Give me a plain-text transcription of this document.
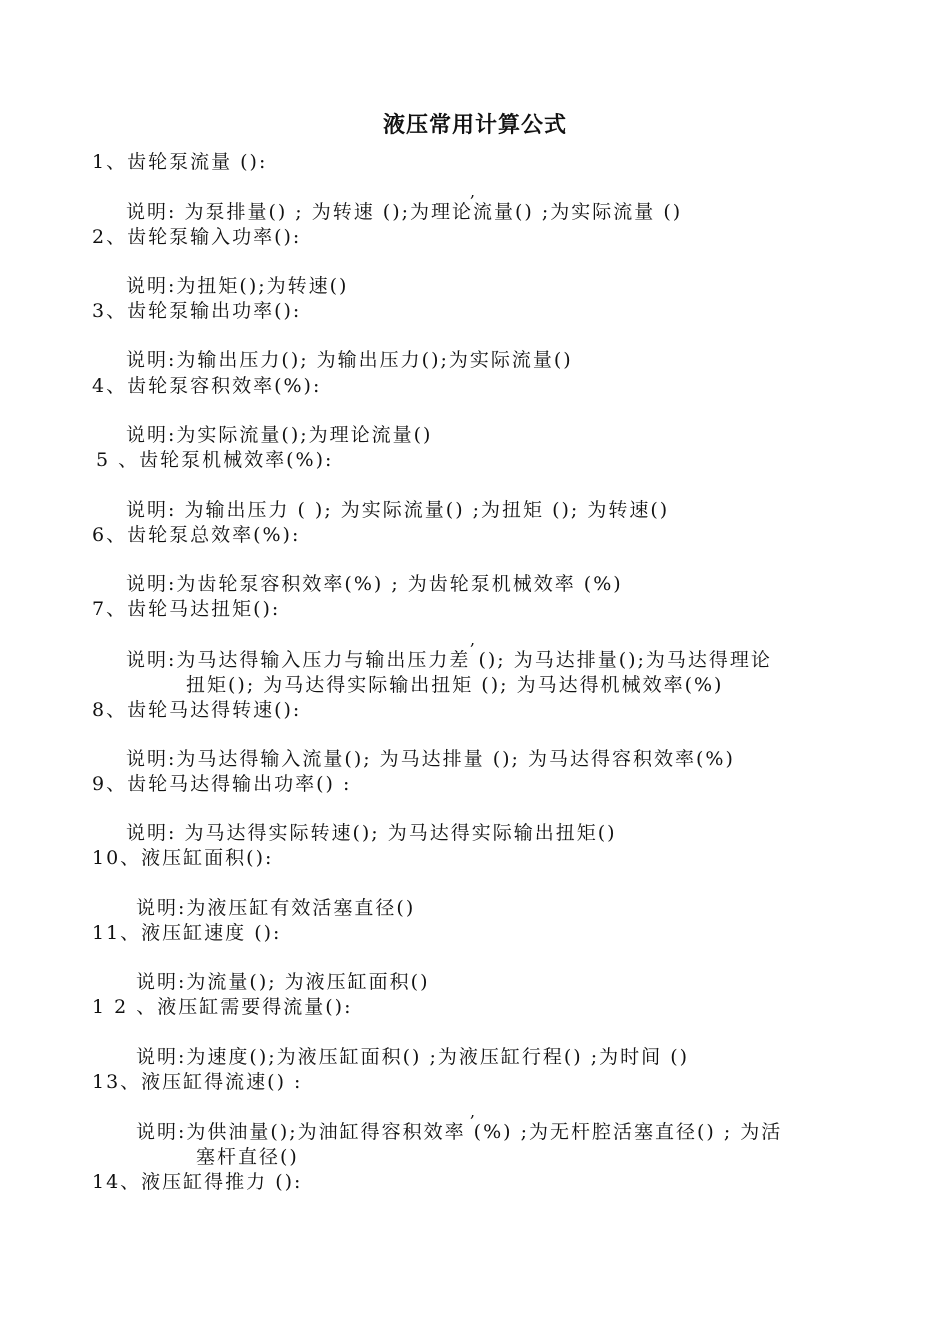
液压常用计算公式
1、齿轮泵流量 ():
,
说明: 为泵排量() ; 为转速 ();为理论流量() ;为实际流量 ()
2、齿轮泵输入功率():
说明:为扭矩();为转速()
3、齿轮泵输出功率():
说明:为输出压力(); 为输出压力();为实际流量()
4、齿轮泵容积效率(%):
说明:为实际流量();为理论流量()
5 、齿轮泵机械效率(%):
说明: 为输出压力 ( ); 为实际流量() ;为扭矩 (); 为转速()
6、齿轮泵总效率(%):
说明:为齿轮泵容积效率(%) ; 为齿轮泵机械效率 (%)
7、齿轮马达扭矩():
,
说明:为马达得输入压力与输出压力差 (); 为马达排量();为马达得理论
扭矩(); 为马达得实际输出扭矩 (); 为马达得机械效率(%)
8、齿轮马达得转速():
说明:为马达得输入流量(); 为马达排量 (); 为马达得容积效率(%)
9、齿轮马达得输出功率() :
说明: 为马达得实际转速(); 为马达得实际输出扭矩()
10、液压缸面积():
说明:为液压缸有效活塞直径()
11、液压缸速度 ():
说明:为流量(); 为液压缸面积()
1 2 、液压缸需要得流量():
说明:为速度();为液压缸面积() ;为液压缸行程() ;为时间 ()
13、液压缸得流速() :
,
说明:为供油量();为油缸得容积效率 (%) ;为无杆腔活塞直径() ; 为活
塞杆直径()
14、液压缸得推力 ():
